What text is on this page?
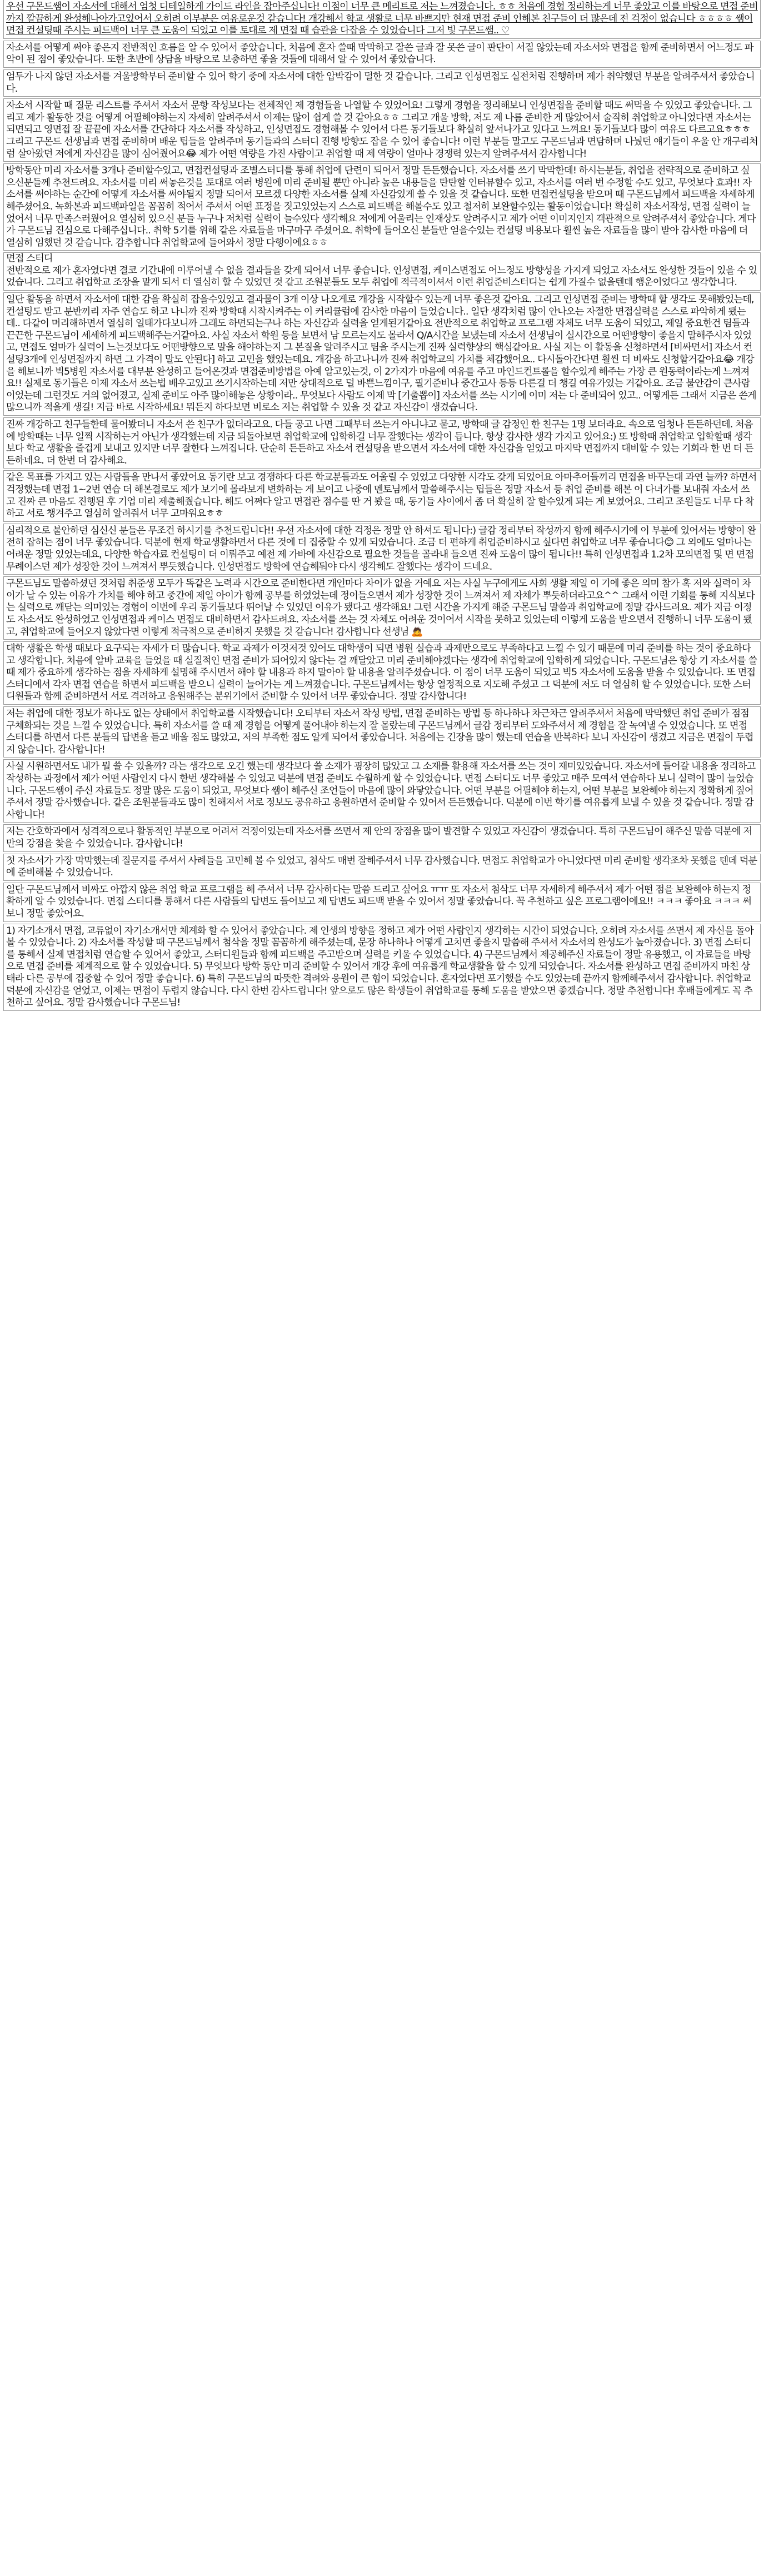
우선 구몬드쌤이 자소서에 대해서 엄청 디테일하게 가이드 라인을 잡아주십니다! 이점이 너무 큰 메리트로 저는 느껴졌습니다. ㅎㅎ 처음에 경험 정리하는게 너무 좋았고 이를 바탕으로 면접 준비까지 깔끔하게 완성해나아가고있어서 오히려 이부분은 여유로운것 같습니다! 개강해서 학교 생활로 너무 바쁘지만 현재 면접 준비 인해본 친구들이 더 많은데 전 걱정이 없습니다 ㅎㅎㅎㅎ 쌤이 면접 컨설팅때 주시는 피드백이 너무 큰 도움이 되었고 이를 토대로 제 면접 때 습관을 다잡을 수 있었습니다 그저 빛 구몬드쌤.. ♡
자소서를 어떻게 써야 좋은지 전반적인 흐름을 알 수 있어서 좋았습니다. 처음에 혼자 쓸때 막막하고 잘쓴 글과 잘 못쓴 글이 판단이 서질 않았는데 자소서와 면접을 함께 준비하면서 어느정도 파악이 된 점이 좋았습니다. 또한 초반에 상담을 바탕으로 보충하면 좋을 것들에 대해서 알 수 있어서 좋았습니다.
엄두가 나지 않던 자소서를 겨울방학부터 준비할 수 있어 학기 중에 자소서에 대한 압박감이 덜한 것 같습니다. 그리고 인성면접도 실전처럼 진행하며 제가 취약했던 부분을 알려주셔서 좋았습니다.
자소서 시작할 때 질문 리스트를 주셔서 자소서 문항 작성보다는 전체적인 제 경험들을 나열할 수 있었어요! 그렇게 경험을 정리해보니 인성면접을 준비할 때도 써먹을 수 있었고 좋았습니다. 그리고 제가 활동한 것을 어떻게 어필해야하는지 자세히 알려주셔서 이제는 많이 쉽게 쓸 것 같아요ㅎㅎ 그리고 개울 방학, 저도 제 나름 준비한 게 많았어서 술직히 취업학교 아니었다면 자소서는 되면되고 영면접 잘 끝끝에 자소서를 간단하다 자소서를 작성하고, 인성면접도 경험해볼 수 있어서 다른 동기들보다 확실히 앞서나가고 있다고 느껴요! 동기들보다 많이 여유도 다르고요ㅎㅎㅎ 그리고 구몬드 선생님과 면접 준비하며 배운 팁들을 알려주며 동기들과의 스터디 진행 방향도 잡을 수 있어 좋습니다! 이런 부분들 말고도 구몬드님과 면담하며 나눴던 얘기들이 우울 안 개구리처럼 살아왔던 저에게 자신감을 많이 심어줬어요😂 제가 어떤 역량을 가진 사람이고 취업할 때 제 역량이 얼마나 경쟁력 있는지 알려주셔서 감사합니다!
방학동안 미리 자소서를 3개나 준비할수있고, 면접컨설팅과 조별스터디를 통해 취업에 단련이 되어서 정말 든든했습니다. 자소서를 쓰기 막막한데! 하시는분들, 취업을 전략적으로 준비하고 싶으신분들께 추천드려요. 자소서를 미리 써놓은것을 토대로 여러 병원에 미리 준비될 뿐만 아니라 높은 내용들을 탄탄할 인터뷰할수 있고, 자소서를 여러 번 수정할 수도 있고, 무엇보다 효과!! 자소서를 써야하는 순간에 어떻게 자소서를 써야될지 정말 되어서 모르겠 다양한 자소서를 실제 자신감있게 쓸 수 있을 것 같습니다. 또한 면접컨설팅을 받으며 때 구몬드님께서 피드백을 자세하게 해주셨어요. 녹화본과 피드백파일을 꼼꼼히 적어서 주셔서 어떤 표정을 짓고있었는지 스스로 피드백을 해볼수도 있고 철저히 보완할수있는 활동이었습니다! 확실히 자소서작성, 면접 실력이 늘었어서 너무 만족스러웠어요 열심히 있으신 분들 누구나 저처럼 실력이 늘수있다 생각해요 저에게 어울리는 인재상도 알려주시고 제가 어떤 이미지인지 객관적으로 알려주셔서 좋았습니다. 게다가 구몬드님 진심으로 다해주십니다.. 취학 5기를 위해 같은 자료들을 마구마구 주셨어요. 취학에 들어오신 분들만 얻을수있는 컨설팅 비용보다 훨씬 높은 자료들을 많이 받아 감사한 마음에 더 열심히 임했던 것 같습니다. 감추합니다 취업학교에 들어와서 정말 다행이에요ㅎㅎ
면접 스터디
전반적으로 제가 혼자였다면 결코 기간내에 이루어낼 수 없을 결과들을 갖게 되어서 너무 좋습니다. 인성면접, 케이스면접도 어느정도 방향성을 가지게 되었고 자소서도 완성한 것들이 있을 수 있었습니다. 그리고 취업학교 조장을 맡게 되서 더 열심히 할 수 있었던 것 같고 조원분들도 모두 취업에 적극적이셔서 이런 취업준비스터디는 쉽게 가질수 없을텐데 행운이었다고 생각합니다.
일단 활동을 하면서 자소서에 대한 감을 확실히 잡을수있었고 결과물이 3개 이상 나오게로 개강을 시작할수 있는게 너무 좋은것 같아요. 그리고 인성면접 준비는 방학때 할 생각도 못해봤었는데, 컨설팅도 받고 분반끼리 자주 연습도 하고 나니까 진짜 방학때 시작시켜주는 이 커리큘럼에 감사한 마음이 들었습니다.. 일단 생각처럼 많이 안나오는 자절한 면접실력을 스스로 파악하게 됐는데.. 다같이 머리해하면서 열심히 일태가다보니까 그래도 하면되는구나 하는 자신감과 실력을 얻게된거같아요 전반적으로 취업학교 프로그램 자체도 너무 도움이 되었고, 제일 중요한건 팀들과 끈끈한 구몬드님이 세세하게 피드백해주는거같아요. 사실 자소서 학원 등을 보면서 남 모르는지도 몰라서 Q/A시간을 보냈는데 자소서 선생님이 실시간으로 어떤방향이 좋을지 말해주시자 있었고, 면접도 얼마가 실력이 느는것보다도 어떤방향으로 말을 해야하는지 그 본질을 알려주시고 팀을 주시는게 진짜 실력향상의 핵심같아요. 사실 저는 이 활동을 신청하면서 [비싸면서] 자소서 컨설팅3개에 인성면접까지 하면 그 가격이 말도 안된다] 하고 고민을 했었는데요. 개강을 하고나니까 진짜 취업학교의 가치를 체감했어요.. 다시돌아간다면 훨씬 더 비싸도 신청할거같아요😂 개강을 해보니까 빅5병원 자소서를 대부분 완성하고 들어온것과 면접준비방법을 아예 알고있는것, 이 2가지가 마음에 여유를 주고 마인드컨트롤을 할수있게 해주는 가장 큰 원동력이라는게 느껴져요!! 실제로 동기들은 이제 자소서 쓰는법 배우고있고 쓰기시작하는데 저만 상대적으로 덜 바쁜느낌이구, 필기준비나 중간고사 등등 다른걸 더 챙길 여유가있는 거같아요. 조금 불안감이 큰사람이었는데 그런것도 거의 없어졌고, 실제 준비도 아주 많이해놓은 상황이라.. 무엇보다 사람도 이제 막 [기출뽑이] 자소서를 쓰는 시기에 이미 저는 다 준비되어 있고.. 어떻게든 그래서 지금은 쓴게 많으니까 적을게 생길! 지금 바로 시작하세요! 뭐든지 하다보면 비로소 저는 취업할 수 있을 것 같고 자신감이 생겼습니다.
진짜 개강하고 친구들한테 물어봤더니 자소서 쓴 친구가 없더라고요. 다들 공고 나면 그때부터 쓰는거 아니냐고 묻고, 방학때 글 감정인 한 친구는 1명 보더라요. 속으로 엄청나 든든하던데. 처음에 방학때는 너무 일찍 시작하는거 아닌가 생각했는데 지금 되돌아보면 취업학교에 입학하길 너무 잘했다는 생각이 듭니다. 항상 감사한 생각 가지고 있어요:) 또 방학때 취업학교 입학할때 생각보다 학교 생활을 즐겁게 보내고 있지만 너무 잘한다 느껴집니다. 단순히 든든하고 자소서 컨설팅을 받으면서 자소서에 대한 자신감을 얻었고 마지막 면접까지 대비할 수 있는 기회라 한 번 더 든든하네요. 더 한번 더 감사해요.
같은 목표를 가지고 있는 사람들을 만나서 좋았어요 동기란 보고 경쟁하다 다른 학교분들과도 어울릴 수 있었고 다양한 시각도 갖게 되었어요 아마추어들끼리 면접을 바꾸는대 과연 늘까? 하면서 걱정했는데 면접 1~2번 연습 더 해본결로도 제가 보기에 몰라보게 변화하는 게 보이고 나중에 멘토님께서 말씀해주시는 팁들은 정말 자소서 등 취업 준비를 해본 이 다녀가를 보내줘 자소서 쓰고 진짜 큰 마음도 진행된 후 기업 미리 제출해줬습니다. 해도 어쩌다 알고 면접관 점수를 딴 거 봤을 때, 동기들 사이에서 좀 더 확실히 잘 할수있게 되는 게 보였어요. 그리고 조원들도 너무 다 착하고 서로 챙겨주고 열심히 알려줘서 너무 고마워요ㅎㅎ
심리적으로 불안하던 심신신 분들은 무조건 하시기를 추천드립니다!! 우선 자소서에 대한 걱정은 정말 안 하셔도 됩니다:) 글감 정리부터 작성까지 함께 해주시기에 이 부분에 있어서는 방향이 완전히 잡히는 점이 너무 좋았습니다. 덕분에 현재 학교생활하면서 다른 것에 더 집중할 수 있게 되었습니다. 조금 더 편하게 취업준비하시고 싶다면 취업학교 너무 좋습니다😊 그 외에도 얼마나는 어려운 정말 있었는데요, 다양한 학습자료 컨설팅이 더 이뤄주고 예전 제 가바에 자신감으로 필요한 것들을 골라내 들으면 진짜 도움이 많이 됩니다!! 특히 인성면접과 1.2차 모의면접 및 면 면접 무례이스던 제가 성장한 것이 느껴져서 뿌듯했습니다. 인성면접도 방학에 연습해둬야 다시 생각해도 잘했다는 생각이 드네요.
구몬드님도 말씀하셨던 것처럼 취준생 모두가 똑같은 노력과 시간으로 준비한다면 개인마다 차이가 없을 거예요 저는 사실 누구에게도 사회 생활 제일 이 기에 좋은 의미 참가 혹 저와 실력이 차이가 날 수 있는 이유가 가치를 해야 하고 중간에 제일 아이가 함께 공부를 하였었는데 정이들으면서 제가 성장한 것이 느껴져서 제 자체가 뿌듯하더라고요^^ 그래서 이런 기회를 통해 지식보다는 실력으로 깨닫는 의미있는 경험이 이번에 우리 동기들보다 뛰어날 수 있었던 이유가 됐다고 생각해요! 그런 시간을 가지게 해준 구몬드님 말씀과 취업학교에 정말 감사드려요. 제가 지금 이정도 자소서도 완성하였고 인성면접과 케이스 면접도 대비하면서 감사드려요. 자소서를 쓰는 것 자체도 어려운 것이어서 시작을 못하고 있었는데 이렇게 도움을 받으면서 진행하니 너무 도움이 됐고, 취업학교에 들어오지 않았다면 이렇게 적극적으로 준비하지 못했을 것 같습니다! 감사합니다 선생님 🙇
대학 생활은 학생 때보다 요구되는 자세가 더 많습니다. 학교 과제가 이것저것 있어도 대학생이 되면 병원 실습과 과제만으로도 부족하다고 느낄 수 있기 때문에 미리 준비를 하는 것이 중요하다고 생각합니다. 처음에 알바 교육을 들었을 때 실질적인 면접 준비가 되어있지 않다는 걸 깨달았고 미리 준비해야겠다는 생각에 취업학교에 입학하게 되었습니다. 구몬드님은 항상 기 자소서를 쓸 때 제가 중요하게 생각하는 점을 자세하게 설명해 주시면서 해야 할 내용과 하지 말아야 할 내용을 알려주셨습니다. 이 점이 너무 도움이 되었고 빅5 자소서에 도움을 받을 수 있었습니다. 또 면접 스터디에서 각자 면접 연습을 하면서 피드백을 받으니 실력이 늘어가는 게 느껴졌습니다. 구몬드님께서는 항상 열정적으로 지도해 주셨고 그 덕분에 저도 더 열심히 할 수 있었습니다. 또한 스터디원들과 함께 준비하면서 서로 격려하고 응원해주는 분위기에서 준비할 수 있어서 너무 좋았습니다. 정말 감사합니다!
저는 취업에 대한 정보가 하나도 없는 상태에서 취업학교를 시작했습니다! 오티부터 자소서 작성 방법, 면접 준비하는 방법 등 하나하나 차근차근 알려주셔서 처음에 막막했던 취업 준비가 점점 구체화되는 것을 느낄 수 있었습니다. 특히 자소서를 쓸 때 제 경험을 어떻게 풀어내야 하는지 잘 몰랐는데 구몬드님께서 글감 정리부터 도와주셔서 제 경험을 잘 녹여낼 수 있었습니다. 또 면접 스터디를 하면서 다른 분들의 답변을 듣고 배울 점도 많았고, 저의 부족한 점도 알게 되어서 좋았습니다. 처음에는 긴장을 많이 했는데 연습을 반복하다 보니 자신감이 생겼고 지금은 면접이 두렵지 않습니다. 감사합니다!
사실 시원하면서도 내가 뭘 쓸 수 있을까? 라는 생각으로 오긴 했는데 생각보다 쓸 소재가 굉장히 많았고 그 소재를 활용해 자소서를 쓰는 것이 재미있었습니다. 자소서에 들어갈 내용을 정리하고 작성하는 과정에서 제가 어떤 사람인지 다시 한번 생각해볼 수 있었고 덕분에 면접 준비도 수월하게 할 수 있었습니다. 면접 스터디도 너무 좋았고 매주 모여서 연습하다 보니 실력이 많이 늘었습니다. 구몬드쌤이 주신 자료들도 정말 많은 도움이 되었고, 무엇보다 쌤이 해주신 조언들이 마음에 많이 와닿았습니다. 어떤 부분을 어필해야 하는지, 어떤 부분을 보완해야 하는지 정확하게 짚어주셔서 정말 감사했습니다. 같은 조원분들과도 많이 친해져서 서로 정보도 공유하고 응원하면서 준비할 수 있어서 든든했습니다. 덕분에 이번 학기를 여유롭게 보낼 수 있을 것 같습니다. 정말 감사합니다!
저는 간호학과에서 성격적으로나 활동적인 부분으로 어려서 걱정이었는데 자소서를 쓰면서 제 안의 장점을 많이 발견할 수 있었고 자신감이 생겼습니다. 특히 구몬드님이 해주신 말씀 덕분에 저만의 강점을 찾을 수 있었습니다. 감사합니다!
첫 자소서가 가장 막막했는데 질문지를 주셔서 사례들을 고민해 볼 수 있었고, 첨삭도 매번 잘해주셔서 너무 감사했습니다. 면접도 취업학교가 아니었다면 미리 준비할 생각조차 못했을 텐데 덕분에 준비해볼 수 있었습니다.
일단 구몬드님께서 비싸도 아깝지 않은 취업 학교 프로그램을 해 주셔서 너무 감사하다는 말씀 드리고 싶어요 ㅠㅠ 또 자소서 첨삭도 너무 자세하게 해주셔서 제가 어떤 점을 보완해야 하는지 정확하게 알 수 있었습니다. 면접 스터디를 통해서 다른 사람들의 답변도 들어보고 제 답변도 피드백 받을 수 있어서 정말 좋았습니다. 꼭 추천하고 싶은 프로그램이에요!! ㅋㅋㅋ 좋아요 ㅋㅋㅋ 써보니 정말 좋았어요.
1) 자기소개서 면접, 교류없이 자기소개서만 체계화 할 수 있어서 좋았습니다. 제 인생의 방향을 정하고 제가 어떤 사람인지 생각하는 시간이 되었습니다. 오히려 자소서를 쓰면서 제 자신을 돌아볼 수 있었습니다. 2) 자소서를 작성할 때 구몬드님께서 첨삭을 정말 꼼꼼하게 해주셨는데, 문장 하나하나 어떻게 고치면 좋을지 말씀해 주셔서 자소서의 완성도가 높아졌습니다. 3) 면접 스터디를 통해서 실제 면접처럼 연습할 수 있어서 좋았고, 스터디원들과 함께 피드백을 주고받으며 실력을 키울 수 있었습니다. 4) 구몬드님께서 제공해주신 자료들이 정말 유용했고, 이 자료들을 바탕으로 면접 준비를 체계적으로 할 수 있었습니다. 5) 무엇보다 방학 동안 미리 준비할 수 있어서 개강 후에 여유롭게 학교생활을 할 수 있게 되었습니다. 자소서를 완성하고 면접 준비까지 마친 상태라 다른 공부에 집중할 수 있어 정말 좋습니다. 6) 특히 구몬드님의 따뜻한 격려와 응원이 큰 힘이 되었습니다. 혼자였다면 포기했을 수도 있었는데 끝까지 함께해주셔서 감사합니다. 취업학교 덕분에 자신감을 얻었고, 이제는 면접이 두렵지 않습니다. 다시 한번 감사드립니다! 앞으로도 많은 학생들이 취업학교를 통해 도움을 받았으면 좋겠습니다. 정말 추천합니다! 후배들에게도 꼭 추천하고 싶어요. 정말 감사했습니다 구몬드님!
